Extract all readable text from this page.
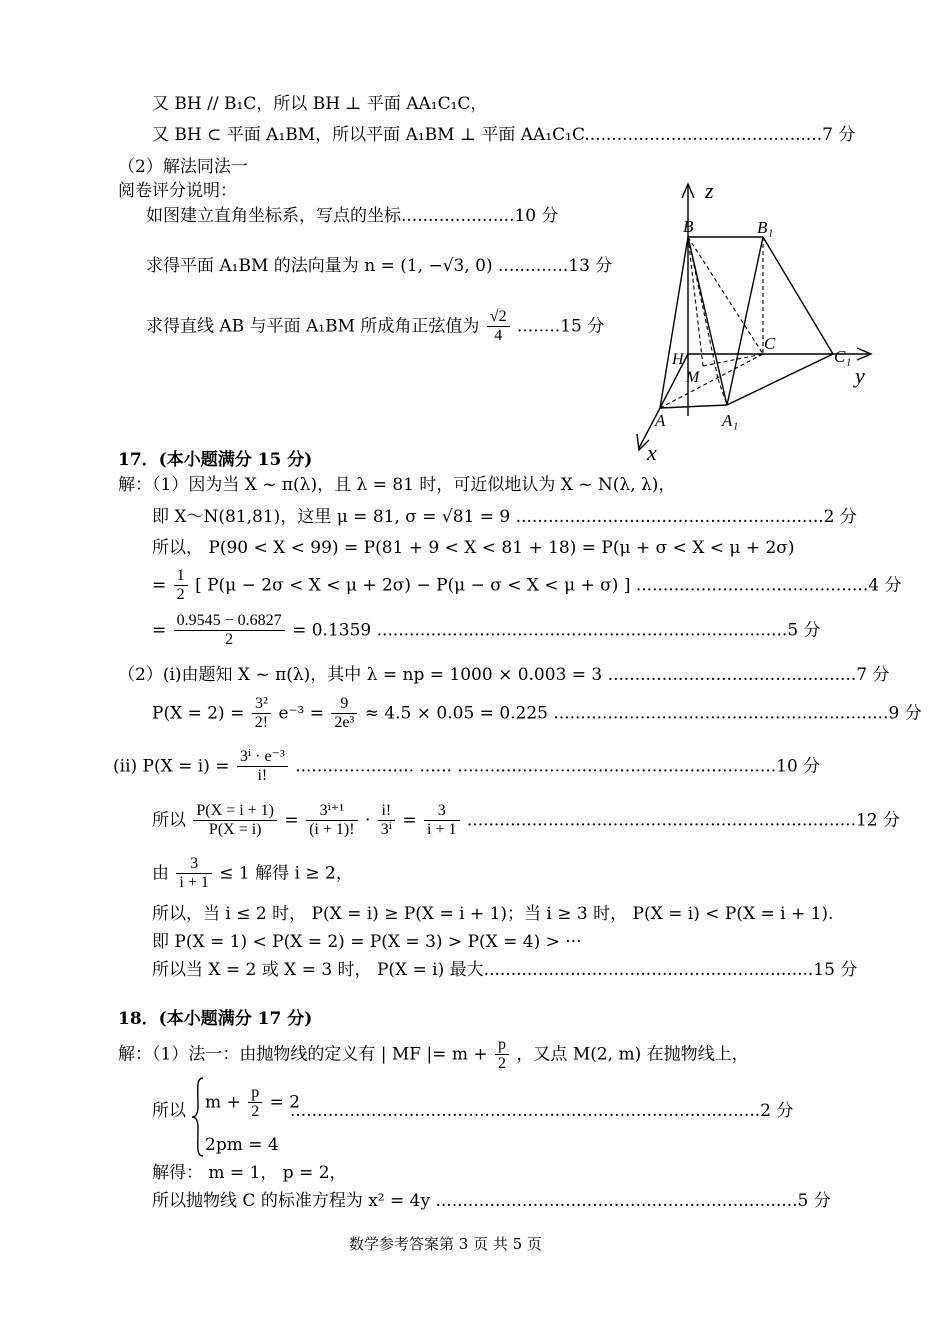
又 BH // B₁C，所以 BH ⊥ 平面 AA₁C₁C，
又 BH ⊂ 平面 A₁BM，所以平面 A₁BM ⊥ 平面 AA₁C₁C............................................7 分
（2）解法同法一
阅卷评分说明：
如图建立直角坐标系，写点的坐标.....................10 分
求得平面 A₁BM 的法向量为 n = (1, −√3, 0) .............13 分
求得直线 AB 与平面 A₁BM 所成角正弦值为 $\frac{√2}{4} ........15$ 分
z
y
x
B	B₁
C
C₁
H
M
A	A₁
17．(本小题满分 15 分)
解：（1）因为当 X ~ π(λ)，且 λ = 81 时，可近似地认为 X ~ N(λ, λ)，
即 X～N(81,81)，这里 μ = 81, σ = √81 = 9 .........................................................2 分
所以， P(90 < X < 99) = P(81 + 9 < X < 81 + 18) = P(μ + σ < X < μ + 2σ)
= $\frac{1}{2}$ [ P(μ − 2σ < X < μ + 2σ) − P(μ − σ < X < μ + σ) ] ...........................................4 分
= $\frac{0.9545 - 0.6827}{2} = 0.1359$ ............................................................................5 分
（2）(i)由题知 X ~ π(λ)，其中 λ = np = 1000 × 0.003 = 3 ..............................................7 分
$P(X = 2) = \frac{\text{3²}}{2!} e^{-3} = \frac{9}{\text{2e³}} \approx 4.5 \times 0.05 = 0.225$ ..............................................................9 分
(ii) $P(X = i) = \frac{\text{3ⁱ · e⁻³}}{i!}$ ...................... ...... ...........................................................10 分
所以 $\frac{P(X = i + 1)}{P(X = i)} = \frac{\text{3ⁱ⁺¹}}{(i + 1)!} \cdot \frac{i!}{\text{3ⁱ}} = \frac{3}{i + 1} ........................................................................12$ 分
由 $\frac{3}{i + 1} \le 1$ 解得 i ≥ 2，
所以，当 i ≤ 2 时， P(X = i) ≥ P(X = i + 1)；当 i ≥ 3 时， P(X = i) < P(X = i + 1).
即 P(X = 1) < P(X = 2) = P(X = 3) > P(X = 4) > ···
所以当 X = 2 或 X = 3 时， P(X = i) 最大.............................................................15 分
18．(本小题满分 17 分)
解：（1）法一：由抛物线的定义有 | MF |= $m + \frac{p}{2}$ ，又点 M(2, m) 在抛物线上，
所以 $m + \frac{p}{2} = 2$
2pm = 4
.......................................................................................2 分
解得： m = 1， p = 2，
所以抛物线 C 的标准方程为 x² = 4y ...................................................................5 分
数学参考答案第 3 页 共 5 页
